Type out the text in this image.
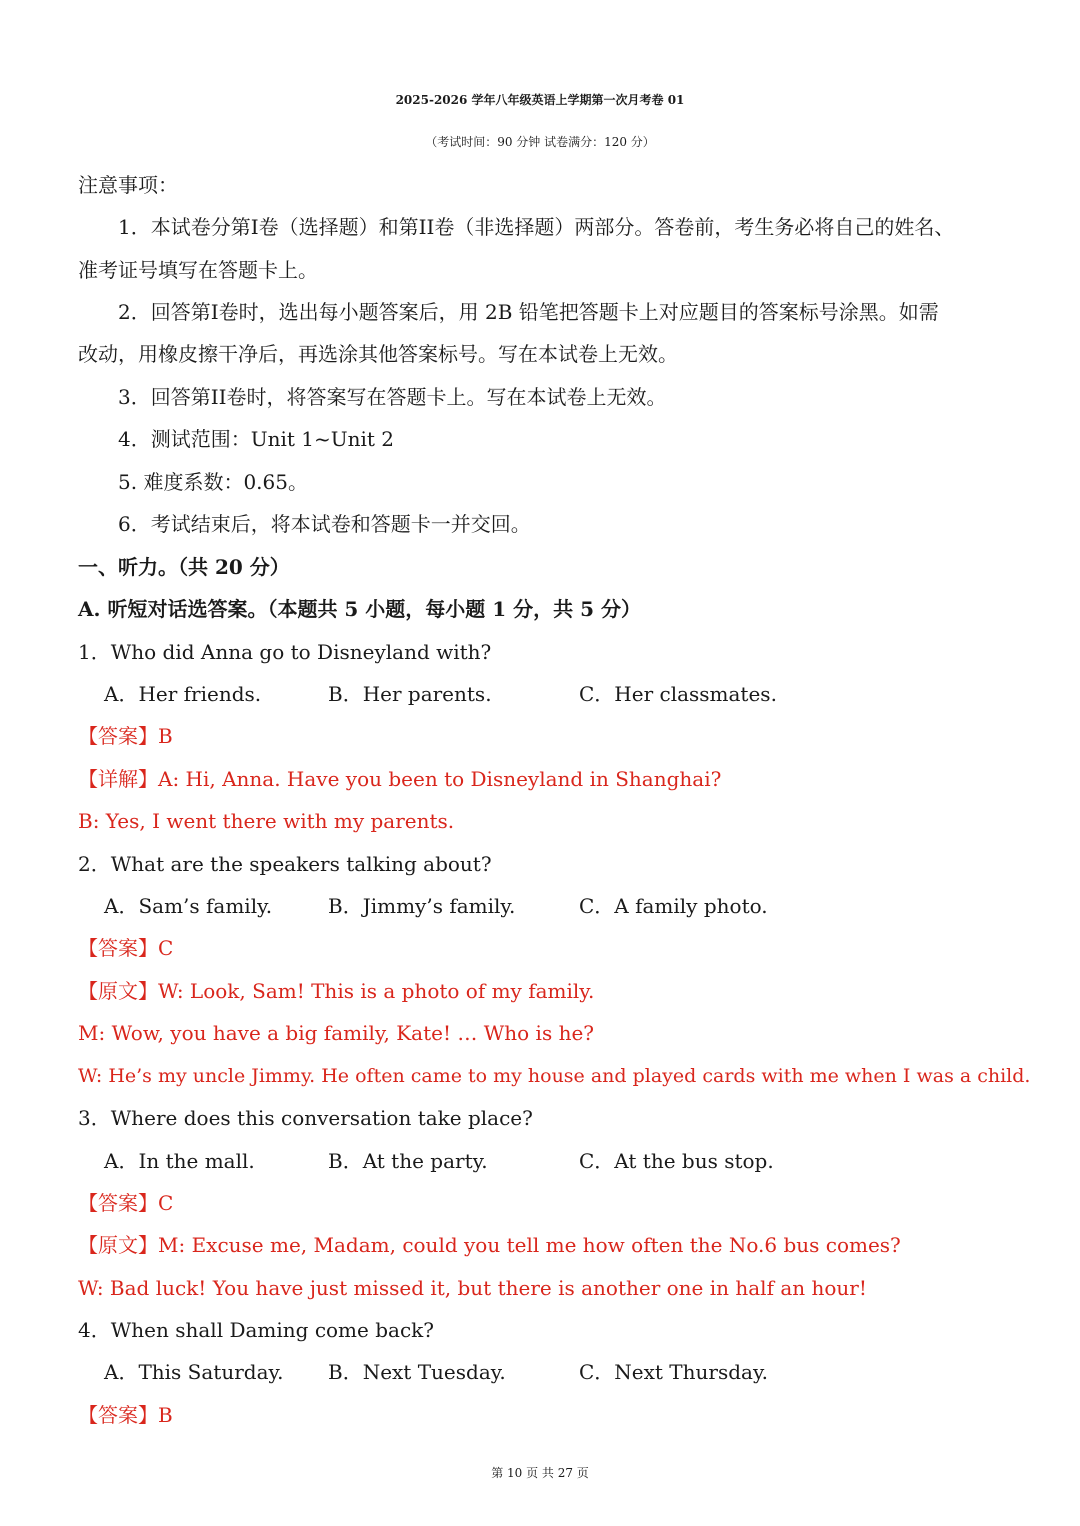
2025-2026 学年八年级英语上学期第一次月考卷 01
（考试时间：90 分钟 试卷满分：120 分）
注意事项：
1．本试卷分第I卷（选择题）和第II卷（非选择题）两部分。答卷前，考生务必将自己的姓名、
准考证号填写在答题卡上。
2．回答第I卷时，选出每小题答案后，用 2B 铅笔把答题卡上对应题目的答案标号涂黑。如需
改动，用橡皮擦干净后，再选涂其他答案标号。写在本试卷上无效。
3．回答第II卷时，将答案写在答题卡上。写在本试卷上无效。
4．测试范围：Unit 1~Unit 2
5. 难度系数：0.65。
6．考试结束后，将本试卷和答题卡一并交回。
一、听力。（共 20 分）
A. 听短对话选答案。（本题共 5 小题，每小题 1 分，共 5 分）
1．Who did Anna go to Disneyland with?
A．Her friends.	B．Her parents.	C．Her classmates.
【答案】B
【详解】A: Hi, Anna. Have you been to Disneyland in Shanghai?
B: Yes, I went there with my parents.
2．What are the speakers talking about?
A．Sam’s family.	B．Jimmy’s family.	C．A family photo.
【答案】C
【原文】W: Look, Sam! This is a photo of my family.
M: Wow, you have a big family, Kate! … Who is he?
W: He’s my uncle Jimmy. He often came to my house and played cards with me when I was a child.
3．Where does this conversation take place?
A．In the mall.	B．At the party.	C．At the bus stop.
【答案】C
【原文】M: Excuse me, Madam, could you tell me how often the No.6 bus comes?
W: Bad luck! You have just missed it, but there is another one in half an hour!
4．When shall Daming come back?
A．This Saturday. B．Next Tuesday.	C．Next Thursday.
【答案】B
第 10 页 共 27 页
